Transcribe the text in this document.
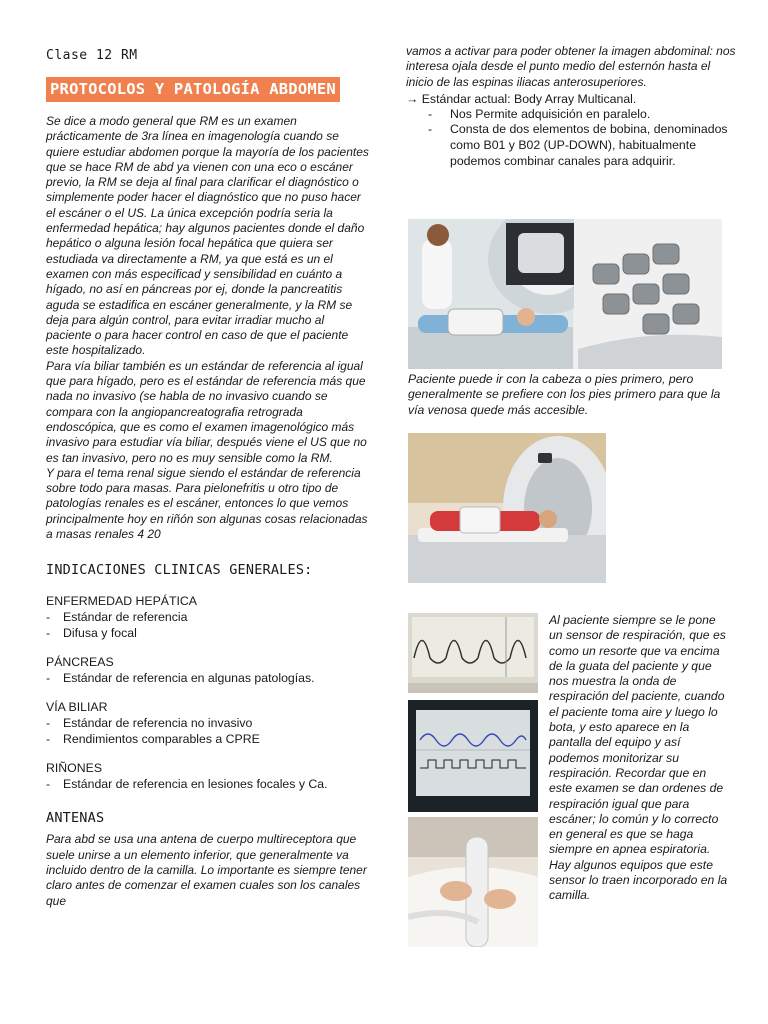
Clase 12 RM
PROTOCOLOS Y PATOLOGÍA ABDOMEN

Se dice a modo general que RM es un examen prácticamente de 3ra línea en imagenología cuando se quiere estudiar abdomen porque la mayoría de los pacientes que se hace RM de abd ya vienen con una eco o escáner previo, la RM se deja al final para clarificar el diagnóstico o simplemente poder hacer el diagnóstico que no puso hacer el escáner o el US. La única excepción podría seria la enfermedad hepática; hay algunos pacientes donde el daño hepático o alguna lesión focal hepática que quiera ser estudiada va directamente a RM, ya que está es un el examen con más especificad y sensibilidad en cuánto a hígado, no así en páncreas por ej, donde la pancreatitis aguda se estadifica en escáner generalmente, y la RM se deja para algún control, para evitar irradiar mucho al paciente o para hacer control en caso de que el paciente este hospitalizado.

Para vía biliar también es un estándar de referencia al igual que para hígado, pero es el estándar de referencia más que nada no invasivo (se habla de no invasivo cuando se compara con la angiopancreatografia retrograda endoscópica, que es como el examen imagenológico más invasivo para estudiar vía biliar, después viene el US que no es tan invasivo, pero no es muy sensible como la RM.

Y para el tema renal sigue siendo el estándar de referencia sobre todo para masas. Para pielonefritis u otro tipo de patologías renales es el escáner, entonces lo que vemos principalmente hoy en riñón son algunas cosas relacionadas a masas renales 4 20

INDICACIONES CLINICAS GENERALES:
ENFERMEDAD HEPÁTICA
- Estándar de referencia
- Difusa y focal
PÁNCREAS
- Estándar de referencia en algunas patologías.
VÍA BILIAR
- Estándar de referencia no invasivo
- Rendimientos comparables a CPRE
RIÑONES
- Estándar de referencia en lesiones focales y Ca.
ANTENAS

Para abd se usa una antena de cuerpo multireceptora que suele unirse a un elemento inferior, que generalmente va incluido dentro de la camilla. Lo importante es siempre tener claro antes de comenzar el examen cuales son los canales que

vamos a activar para poder obtener la imagen abdominal: nos interesa ojala desde el punto medio del esternón hasta el inicio de las espinas iliacas anterosuperiores.

→ Estándar actual: Body Array Multicanal.
- Nos Permite adquisición en paralelo.
- Consta de dos elementos de bobina, denominados como B01 y B02 (UP-DOWN), habitualmente podemos combinar canales para adquirir.
Paciente puede ir con la cabeza o pies primero, pero generalmente se prefiere con los pies primero para que la vía venosa quede más accesible.
Al paciente siempre se le pone un sensor de respiración, que es como un resorte que va encima de la guata del paciente y que nos muestra la onda de respiración del paciente, cuando el paciente toma aire y luego lo bota, y esto aparece en la pantalla del equipo y así podemos monitorizar su respiración. Recordar que en este examen se dan ordenes de respiración igual que para escáner; lo común y lo correcto en general es que se haga siempre en apnea espiratoria. Hay algunos equipos que este sensor lo traen incorporado en la camilla.
